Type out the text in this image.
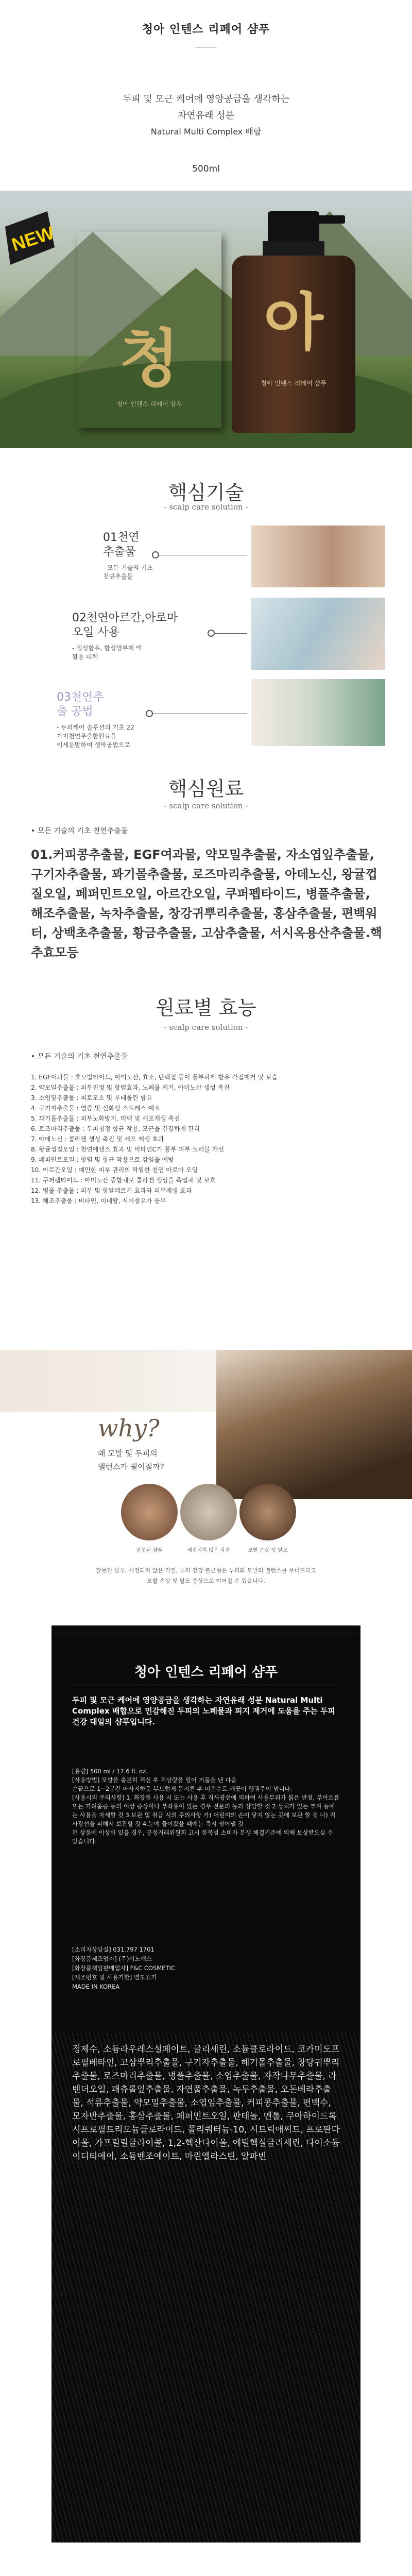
청아 인텐스 리페어 샴푸
두피 및 모근 케어에 영양공급을 생각하는
자연유래 성분
Natural Multi Complex 배합
500ml
NEW
청
청아 인텐스 리페어 샴푸
아
청아 인텐스 리페어 샴푸
핵심기술
- scalp care solution -
01천연
추출물
- 모든 기술의 기초
천연추출물
02천연아르간,아로마
오일 사용
- 정성함유, 함성방부제 액
활용 대체
03천연추
출 공법
- 두피케어 솔루션의 기초 22
가지천연추출한원료을
이세룬발하여 생약공법으로
핵심원료
- scalp care solution -
• 모든 기술의 기초 천연추출물
01.커피콩추출물, EGF여과물, 약모밀추출물, 자소엽잎추출물, 구기자추출물, 꽈기몰추출물, 로즈마리추출물, 아데노신, 왕귤껍질오일, 페퍼민트오일, 아르간오일, 쿠퍼펩타이드, 병풀추출물, 해조추출물, 녹차추출물, 창강귀뿌리추출물, 홍삼추출물, 편백워터, 상백초추출물, 황금추출물, 고삼추출물, 서시옥용산추출물.핵추효모등
원료별 효능
- scalp care solution -
• 모든 기술의 기초 천연추출물
1. EGF여과물 : 효모발타이드, 아미노산, 효소, 단백질 등이 풍부하게 함유 각질제거 및 보습
2. 약모밀추출물 : 피부진정 및 항염효과, 노폐물 제거, 아미노산 생성 촉진
3. 소엽잎추출물 : 피토모소 및 루테올린 함유
4. 구기자추출물 : 염증 및 신화성 스트레스 예소
5. 꽈기몰추출물 : 피부노화방지, 미백 및 세포재생 촉진
6. 로즈마리추출물 : 두피청정 항균 작용, 모근을 건강하게 관리
7. 아데노신 : 콜라겐 생성 촉진 및 세포 재생 효과
8. 왕귤껍질오일 : 천연에센스 효과 및 비타민C가 풍부 피부 트러블 개선
9. 페퍼민트오일 : 항염 및 항균 작용으로 감염을 예방
10. 아르간오일 : 예민한 피부 관리의 탁월한 천연 아로마 오일
11. 쿠퍼펩타이드 : 아미노산 중합체로 콜라겐 생성을 촉일체 및 보호
12. 병풀 추출물 : 피부 및 항알레르기 효과와 피부재생 효과
13. 해조추출물 : 비타민, 미네랄, 식이섬유가 풍부
why?
왜 모발 및 두피의
밸런스가 필어질까?
잘못된 샴푸	세정되지 않은 각질	모발 손상 및 탈모
잘못된 샴푸, 세정되지 않은 각질, 두피 건강 불균형은 두피와 모발의 밸런스를 무너뜨리고
모발 손상 및 탈모 증상으로 이어질 수 있습니다.
청아 인텐스 리페어 샴푸
두피 및 모근 케어에 영양공급을 생각하는 자연유래 성분 Natural Multi Complex 배합으로 민감해진 두피의 노폐물과 피지 제거에 도움을 주는 두피건강 대일의 샴푸입니다.

[용량] 500 ml / 17.6 fl. oz.

[사용방법] 모발을 충분히 적신 후 적당량을 덜어 거품을 낸 다음

손끝으로 1~2분간 마사지하듯 부드럽게 문지른 후 미온수로 깨끗이 헹궈주어 냅니다.

[사용시의 주의사항] 1. 화장품 사용 시 또는 사용 후 직사광선에 의하여 사용부위가 붉은 반점, 부어오름 또는 가려움증 등의 이상 증상이나 부작용이 있는 경우 전문의 등과 상담할 것 2.상처가 있는 부위 등에는 사용을 자제할 것 3.보관 및 취급 시의 주의사항 가) 어린이의 손이 닿지 않는 곳에 보관 할 것 나) 직사광선을 피해서 보관할 것 4.눈에 들어갔을 때에는 즉시 씻어낼 것

본 상품에 이상이 있을 경우, 공정거래위원회 고시 품목별 소비자 분쟁 해결기준에 의해 보상받으실 수 있습니다.

[소비자상담실] 031.797 1701

[화장품제조업자] (주)이노팩스

[화장품책임판매업자] F&C COSMETIC

[제조번호 및 사용기한] 별도표기

MADE IN KOREA

정제수, 소듐라우레스설페이트, 글리세린, 소듐클로라이드, 코카미도프로필베타인, 고삼뿌리추출물, 구기자추출물, 해기몰추출물, 창당귀뿌리추출물, 로즈마리추출물, 병풀추출물, 소엽추출물, 자작나무추출물, 라벤더오일, 패츄롤잎추출물, 자연풀추출물, 녹두추출물, 오돈베라추출물, 석류추출물, 약모밀추출물, 소엽잎추출물, 커피콩추출물, 편백수, 모자반추출물, 홍삼추출물, 페퍼민트오일, 판테놀, 멘톨, 쿠아하이드록시프로필트리모늄클로라이드, 폴리쿼터늄-10, 시트릭애씨드, 프로판다이올, 카프릴릴글라이콜, 1,2-헥산다이올, 에틸헥실글리세린, 다이소듐이디티에이, 소듐벤조에이트, 마린엘라스틴, 알파빈
